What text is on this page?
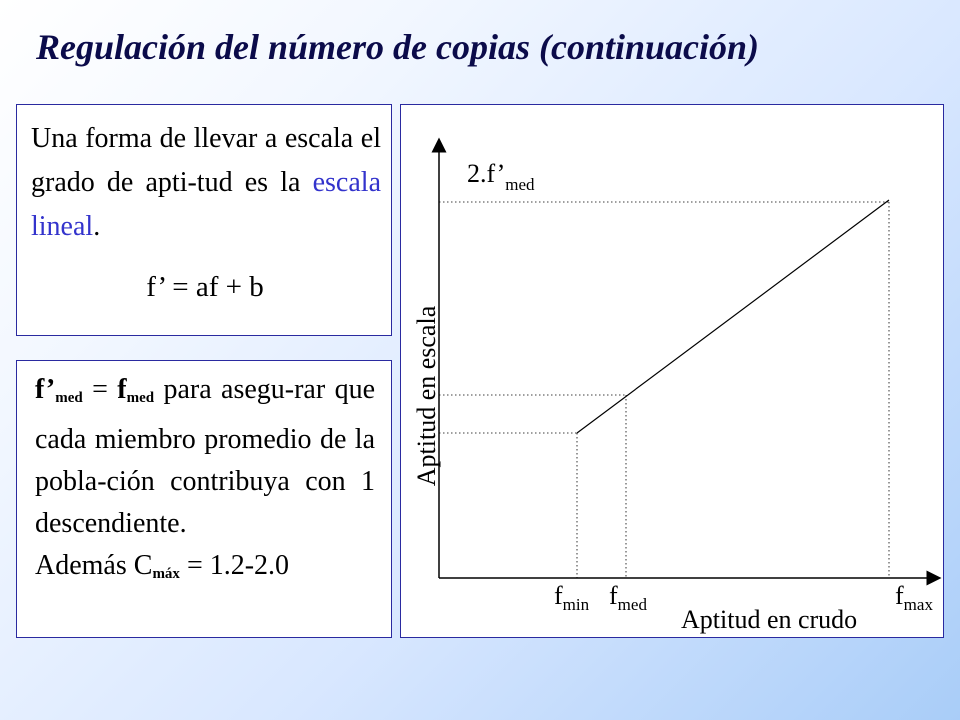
Regulación del número de copias (continuación)
Una forma de llevar a escala el grado de apti-tud es la escala lineal.
f’ = af + b
f’med = fmed para asegu-rar que cada miembro promedio de la pobla-ción contribuya con 1 descendiente.
Además Cmáx = 1.2-2.0
$2.f’_{med}$
Aptitud en escala
$f_{min}$ $f_{med}$	$f_{max}$
Aptitud en crudo
